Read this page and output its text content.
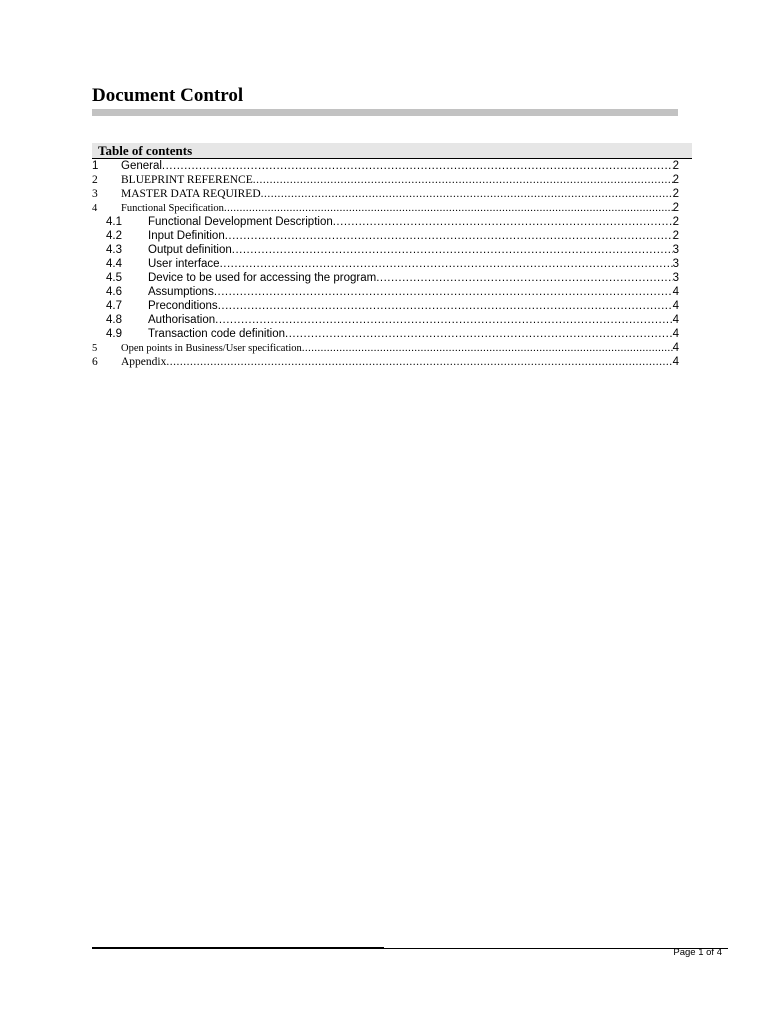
Document Control
Table of contents
1	General .....	2
2	BLUEPRINT REFERENCE .....	2
3	MASTER DATA REQUIRED .....	2
4	Functional Specification .....	2
4.1	Functional Development Description .....	2
4.2	Input Definition .....	2
4.3	Output definition .....	3
4.4	User interface .....	3
4.5	Device to be used for accessing the program .....	3
4.6	Assumptions .....	4
4.7	Preconditions .....	4
4.8	Authorisation .....	4
4.9	Transaction code definition .....	4
5	Open points in Business/User specification .....	4
6	Appendix .....	4
Page 1 of 4
